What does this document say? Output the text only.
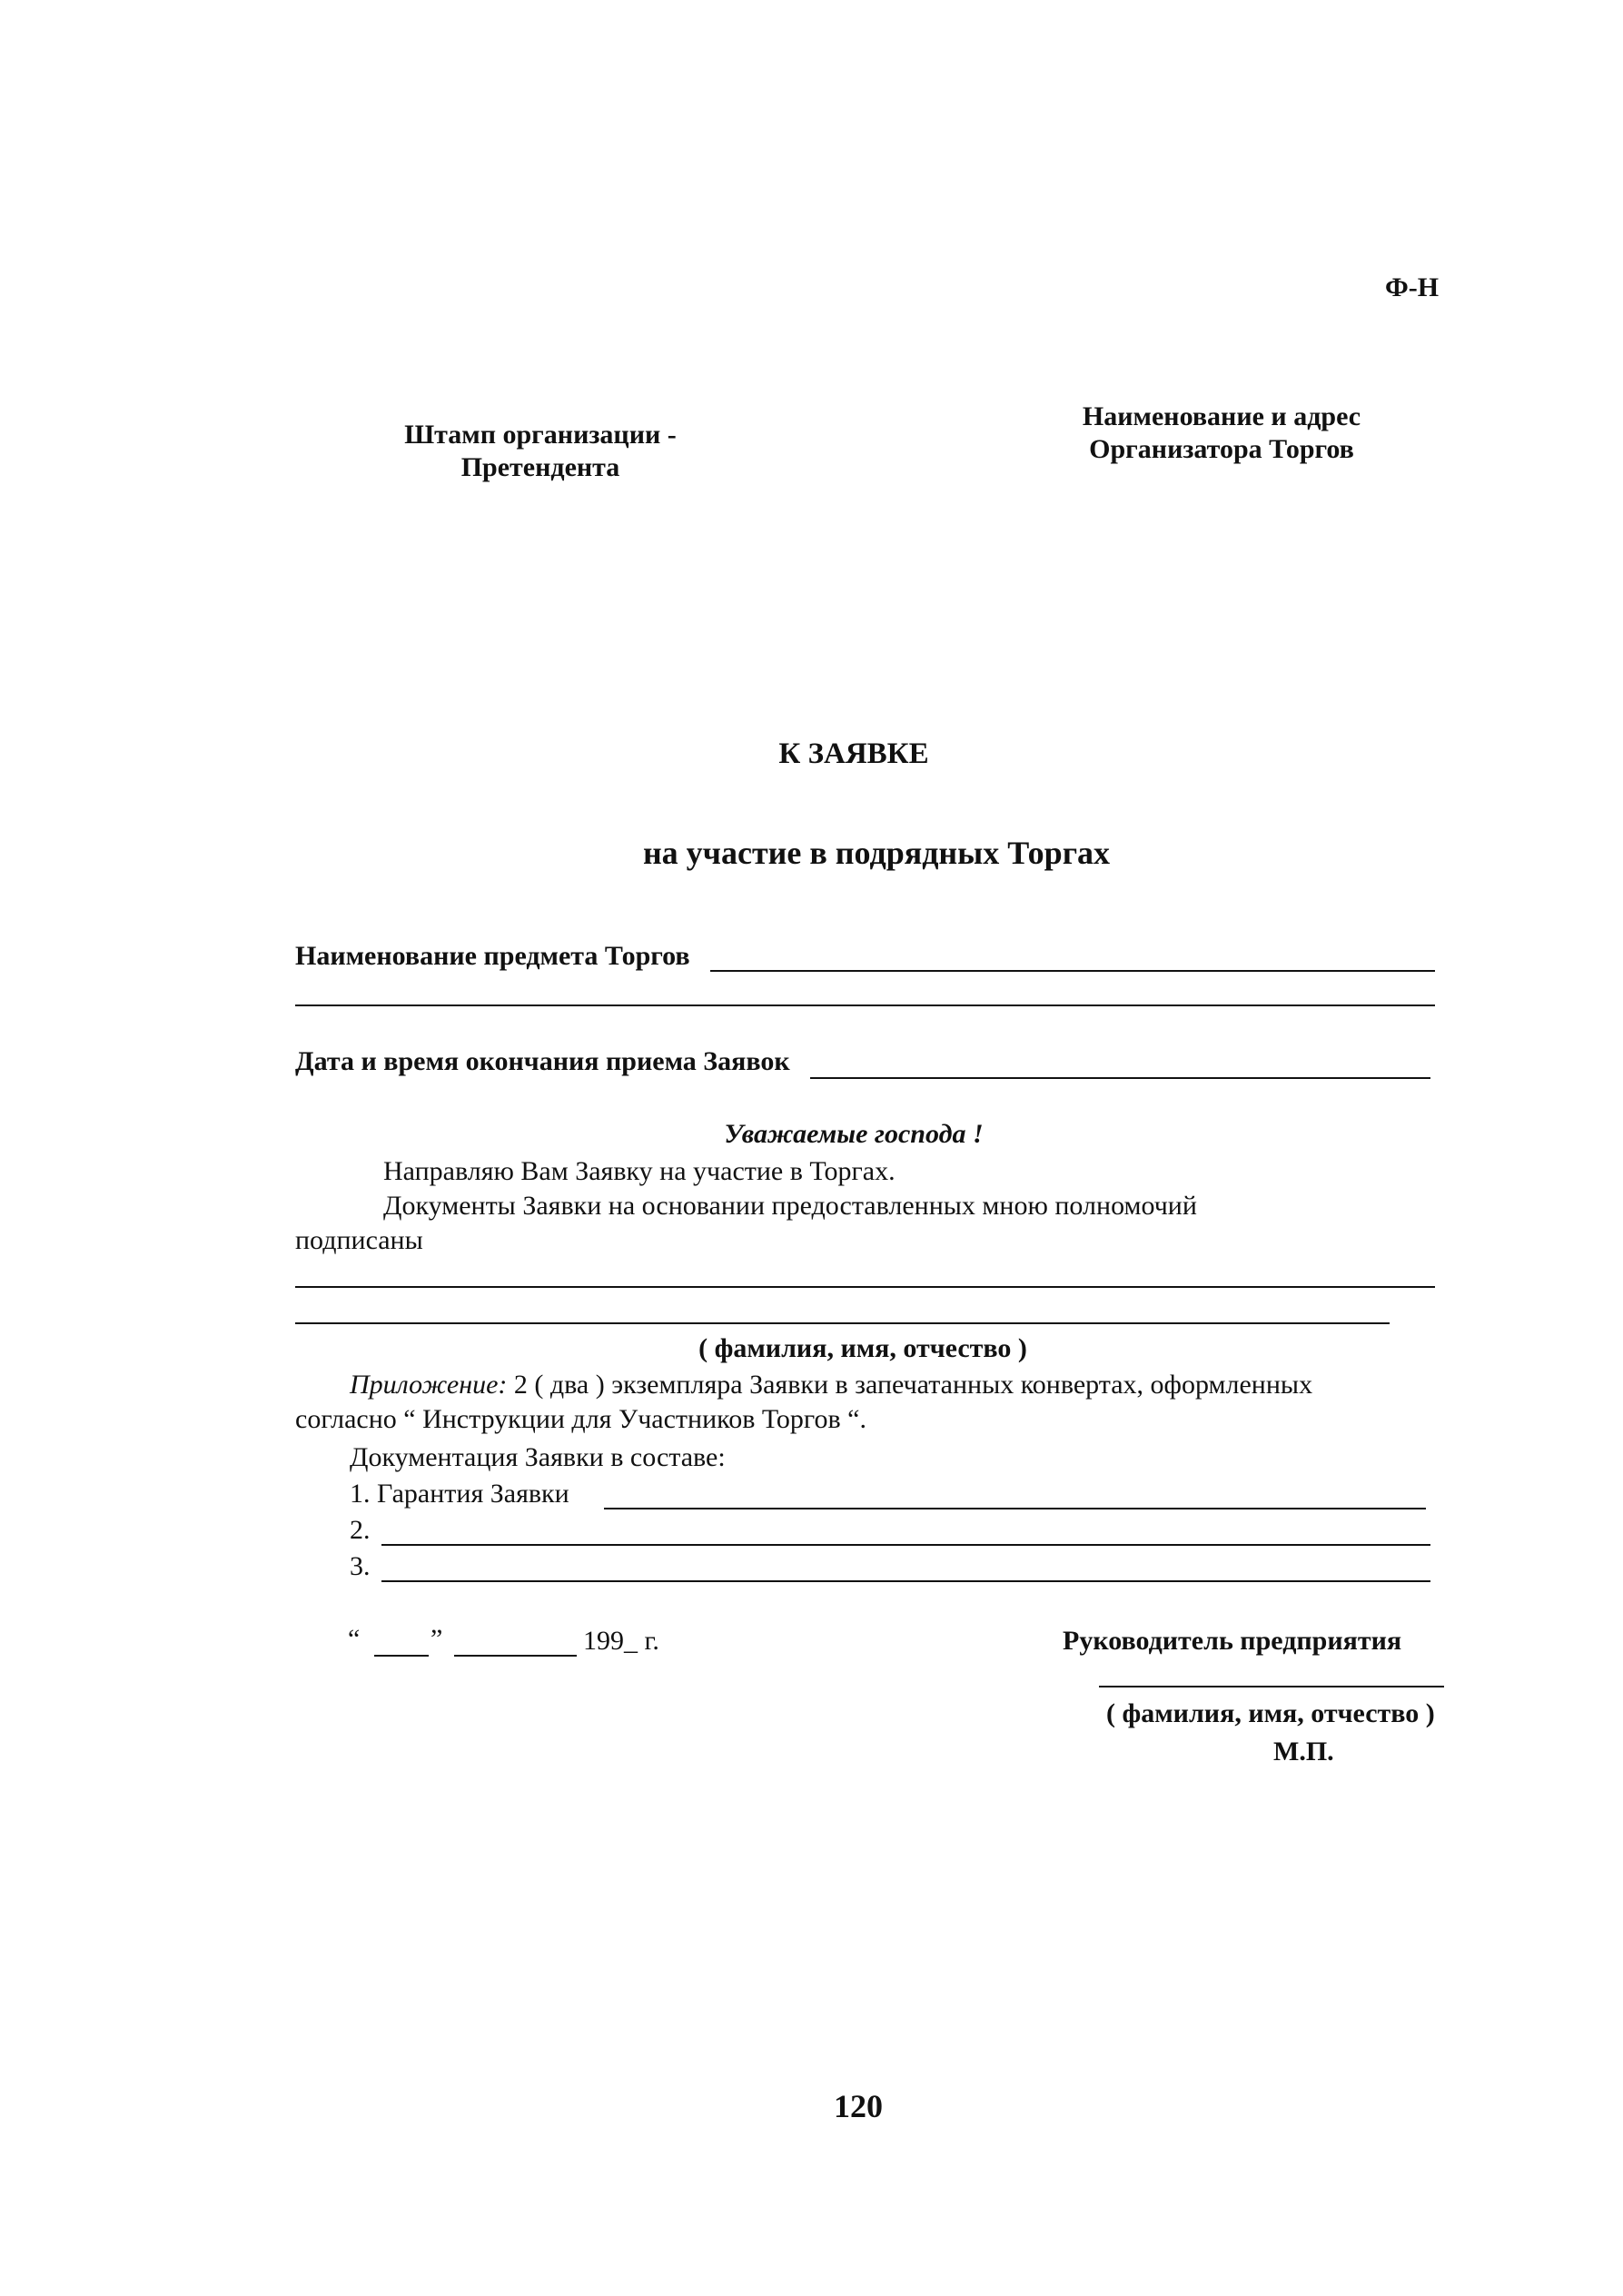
Ф-Н
Штамп организации -
Претендента
Наименование и адрес
Организатора Торгов
К ЗАЯВКЕ
на участие в подрядных Торгах
Наименование предмета Торгов
Дата и время окончания приема Заявок
Уважаемые господа !
Направляю Вам Заявку на участие в Торгах.
Документы Заявки на основании предоставленных мною полномочий
подписаны
( фамилия, имя, отчество )
Приложение: 2 ( два ) экземпляра Заявки в запечатанных конвертах, оформленных
согласно “ Инструкции для Участников Торгов “.
Документация Заявки в составе:
1. Гарантия Заявки
2.
3.
“	”	199_ г.	Руководитель предприятия
( фамилия, имя, отчество )
М.П.
120
